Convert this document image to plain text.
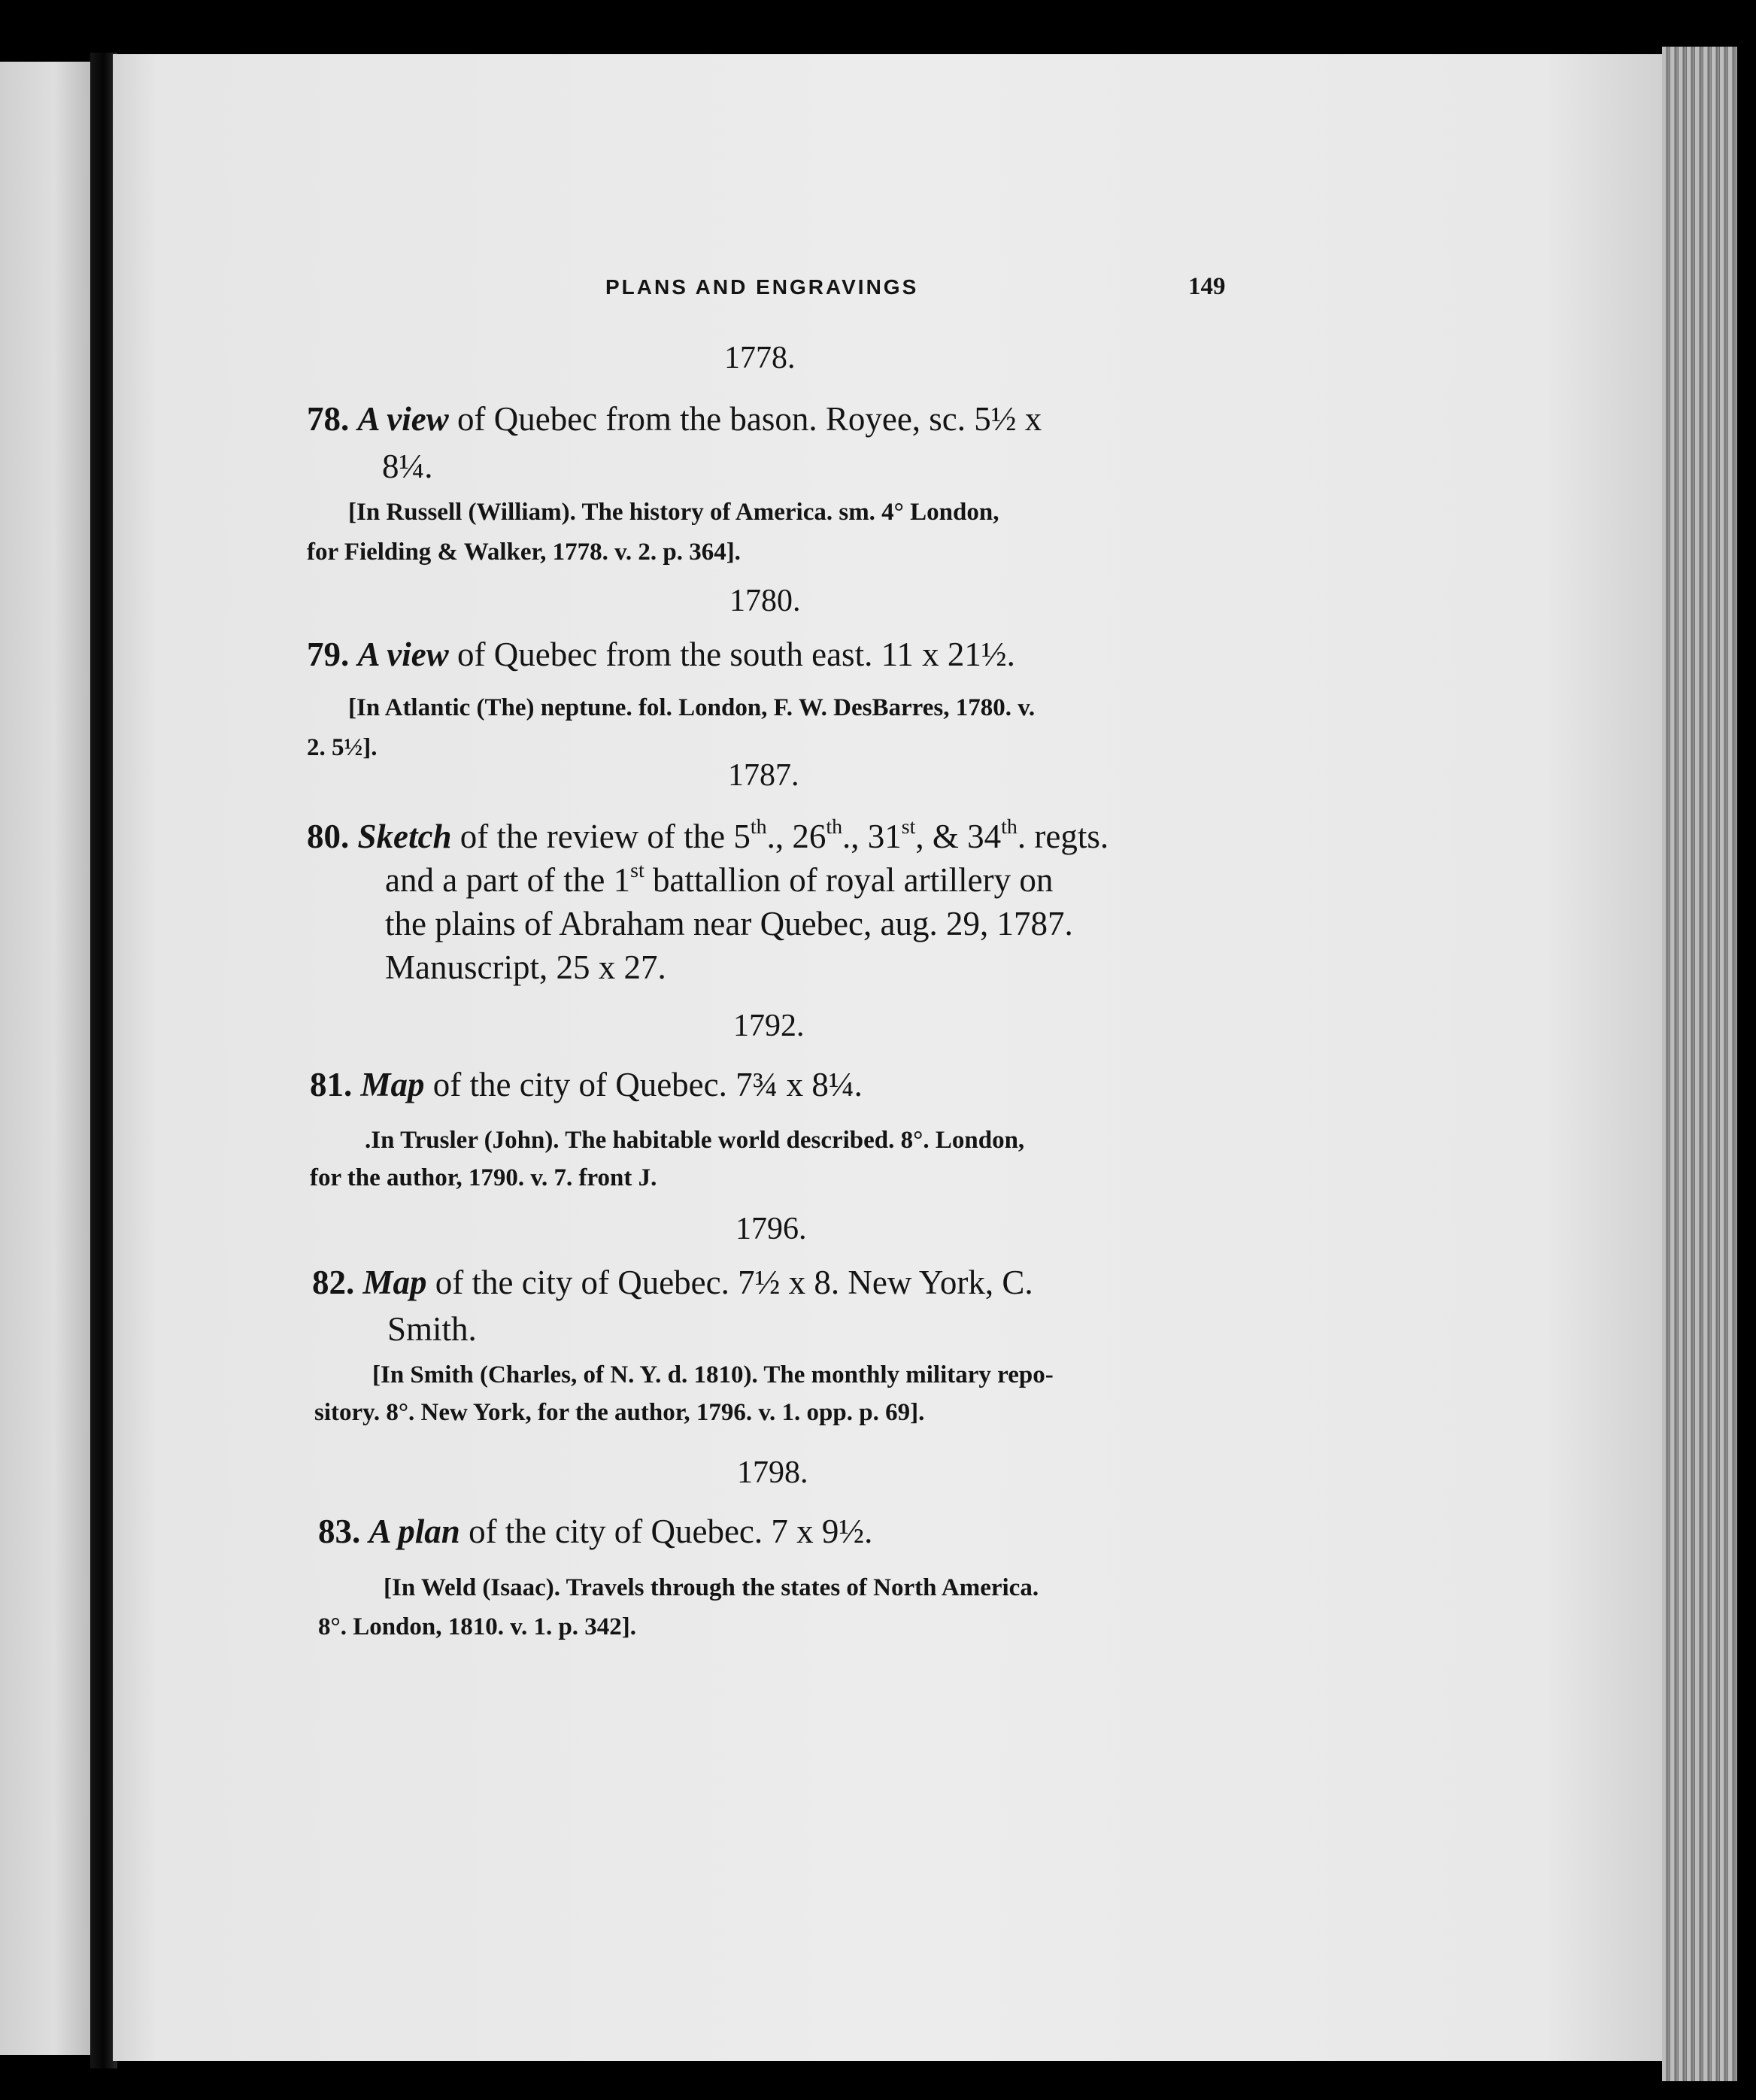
PLANS AND ENGRAVINGS	149
1778.
78. A view of Quebec from the bason. Royee, sc. 5½ x
8¼.
[In Russell (William). The history of America. sm. 4° London,
for Fielding & Walker, 1778. v. 2. p. 364].
1780.
79. A view of Quebec from the south east. 11 x 21½.
[In Atlantic (The) neptune. fol. London, F. W. DesBarres, 1780. v.
2. 5½].
1787.
80. Sketch of the review of the 5th., 26th., 31st, & 34th. regts.
and a part of the 1st battallion of royal artillery on
the plains of Abraham near Quebec, aug. 29, 1787.
Manuscript, 25 x 27.
1792.
81. Map of the city of Quebec. 7¾ x 8¼.
.In Trusler (John). The habitable world described. 8°. London,
for the author, 1790. v. 7. front J.
1796.
82. Map of the city of Quebec. 7½ x 8. New York, C.
Smith.
[In Smith (Charles, of N. Y. d. 1810). The monthly military repo-
sitory. 8°. New York, for the author, 1796. v. 1. opp. p. 69].
1798.
83. A plan of the city of Quebec. 7 x 9½.
[In Weld (Isaac). Travels through the states of North America.
8°. London, 1810. v. 1. p. 342].
